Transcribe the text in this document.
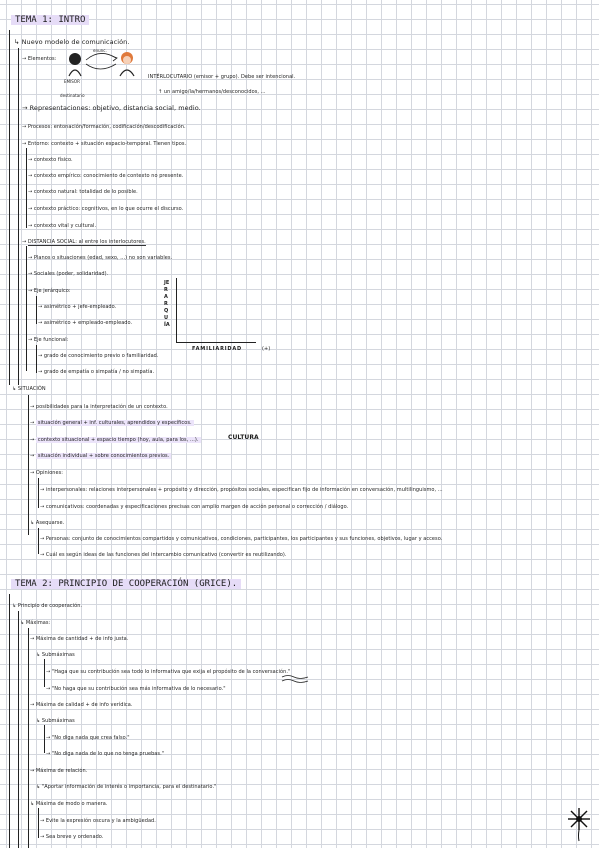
TEMA 1: INTRO
↳ Nuevo modelo de comunicación.
→ Elementos:
enunc.
EMISOR
destinatario
INTÉRLOCUTARIO (emisor + grupo). Debe ser intencional.
↑ un amigo/la/hermanos/desconocidos, ...
→ Representaciones: objetivo, distancia social, medio.
→ Procesos: entonación/formación, codificación/descodificación.
→ Entorno: contexto + situación espacio-temporal. Tienen tipos.
→ contexto físico.
→ contexto empírico: conocimiento de contexto no presente.
→ contexto natural: totalidad de lo posible.
→ contexto práctico: cognitivos, en lo que ocurre el discurso.
→ contexto vital y cultural.
→ DISTANCIA SOCIAL: al entre los interlocutores.
→ Planos o situaciones (edad, sexo, ...) no son variables.
→ Sociales (poder, solidaridad).
→ Eje jerárquico:
→ asimétrico + jefe-empleado.
→ asimétrico + empleado-empleado.
→ Eje funcional:
→ grado de conocimiento previo o familiaridad.
→ grado de empatía o simpatía / no simpatía.
JERARQUÍA
FAMILIARIDAD	(+)
↳ SITUACIÓN
→ posibilidades para la interpretación de un contexto.
→ situación general + inf. culturales, aprendidos y específicos.
→ contexto situacional + espacio tiempo (hoy, aula, para los, ...).	CULTURA
→ situación individual + sobre conocimientos previos.
→ Opiniones:
→ interpersonales: relaciones interpersonales + propósito y dirección, propósitos sociales, especifican fijo de información en conversación, multilinguismo, ...
→ comunicativos: coordenadas y especificaciones precisas con amplio margen de acción personal o corrección / diálogo.
↳ Asequarse.
→ Personas: conjunto de conocimientos compartidos y comunicativos, condiciones, participantes, los participantes y sus funciones, objetivos, lugar y acceso.
→ Cuál es según ideas de las funciones del intercambio comunicativo (convertir es reutilizando).
TEMA 2: PRINCIPIO DE COOPERACIÓN (GRICE).
↳ Principio de cooperación.
↳ Máximas:
→ Máxima de cantidad + de info justa.
↳ Submáximas
→ "Haga que su contribución sea todo lo informativa que exija el propósito de la conversación."
→ "No haga que su contribución sea más informativa de lo necesario."
→ Máxima de calidad + de info verídica.
↳ Submáximas
→ "No diga nada que crea falso."
→ "No diga nada de lo que no tenga pruebas."
→ Máxima de relación.
↳ "Aportar información de interés o importancia, para el destinatario."
↳ Máxima de modo o manera.
→ Evite la expresión oscura y la ambigüedad.
→ Sea breve y ordenado.
